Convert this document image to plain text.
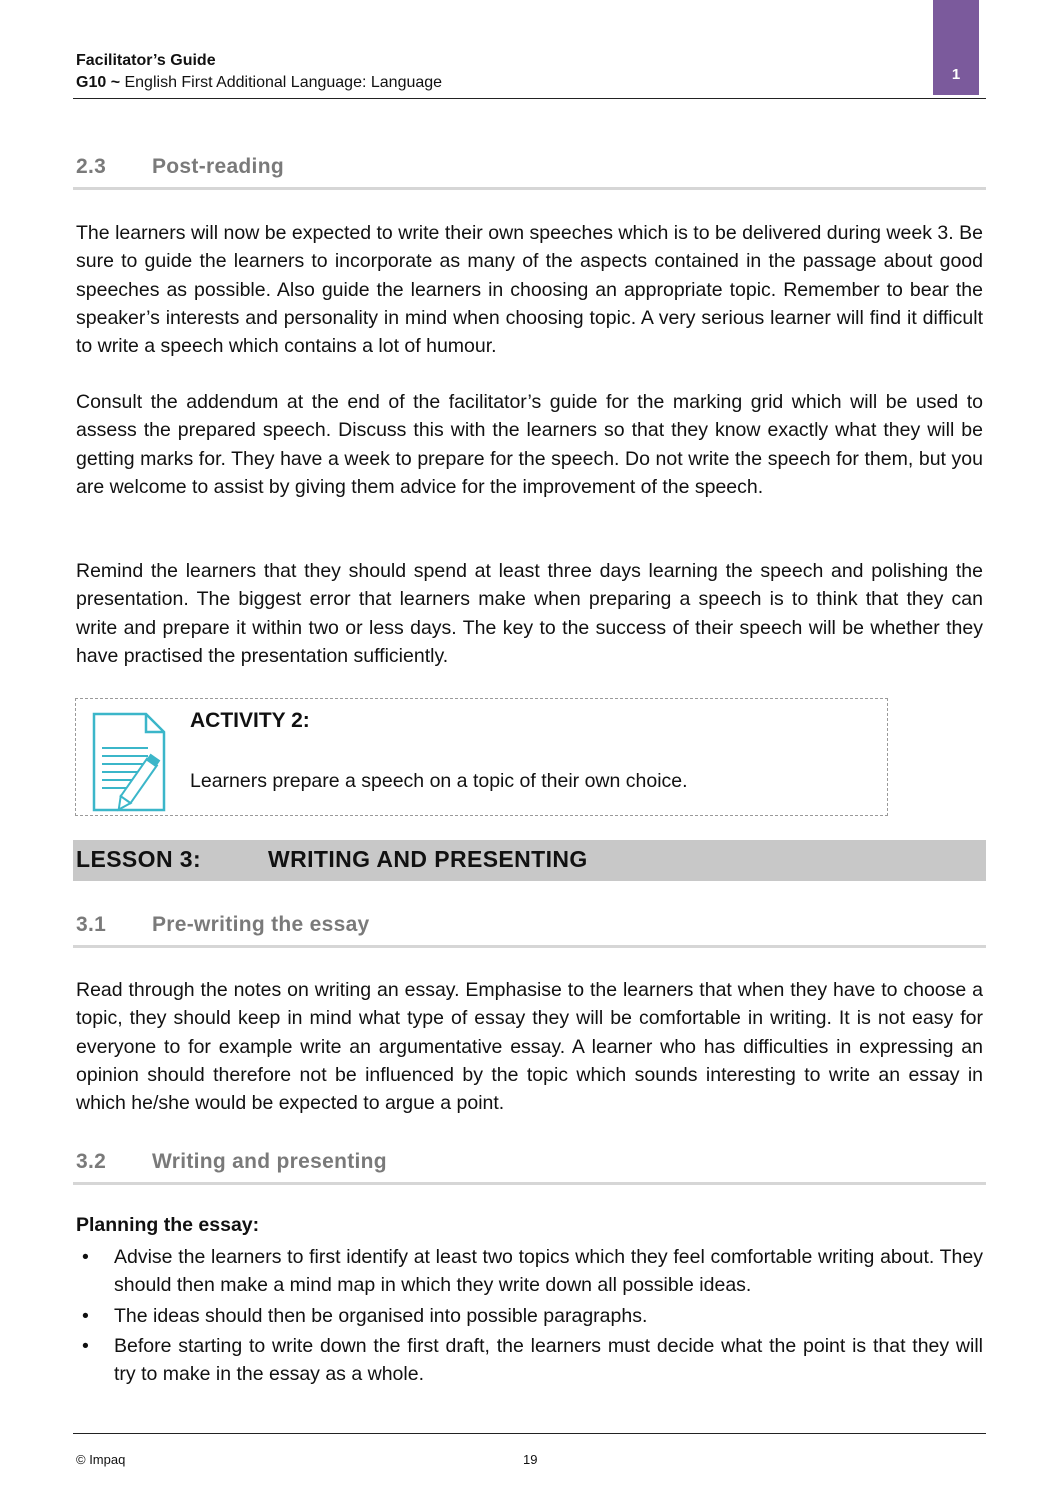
Facilitator’s Guide
G10 ~ English First Additional Language: Language	1
2.3 Post-reading

The learners will now be expected to write their own speeches which is to be delivered during week 3. Be sure to guide the learners to incorporate as many of the aspects contained in the passage about good speeches as possible. Also guide the learners in choosing an appropriate topic. Remember to bear the speaker’s interests and personality in mind when choosing topic. A very serious learner will find it difficult to write a speech which contains a lot of humour.

Consult the addendum at the end of the facilitator’s guide for the marking grid which will be used to assess the prepared speech. Discuss this with the learners so that they know exactly what they will be getting marks for. They have a week to prepare for the speech. Do not write the speech for them, but you are welcome to assist by giving them advice for the improvement of the speech.

Remind the learners that they should spend at least three days learning the speech and polishing the presentation. The biggest error that learners make when preparing a speech is to think that they can write and prepare it within two or less days. The key to the success of their speech will be whether they have practised the presentation sufficiently.

ACTIVITY 2:
Learners prepare a speech on a topic of their own choice.
LESSON 3:	WRITING AND PRESENTING
3.1 Pre-writing the essay

Read through the notes on writing an essay. Emphasise to the learners that when they have to choose a topic, they should keep in mind what type of essay they will be comfortable in writing. It is not easy for everyone to for example write an argumentative essay. A learner who has difficulties in expressing an opinion should therefore not be influenced by the topic which sounds interesting to write an essay in which he/she would be expected to argue a point.

3.2 Writing and presenting
Planning the essay:
• Advise the learners to first identify at least two topics which they feel comfortable writing about. They should then make a mind map in which they write down all possible ideas.
• The ideas should then be organised into possible paragraphs.
• Before starting to write down the first draft, the learners must decide what the point is that they will try to make in the essay as a whole.
© Impaq	19
